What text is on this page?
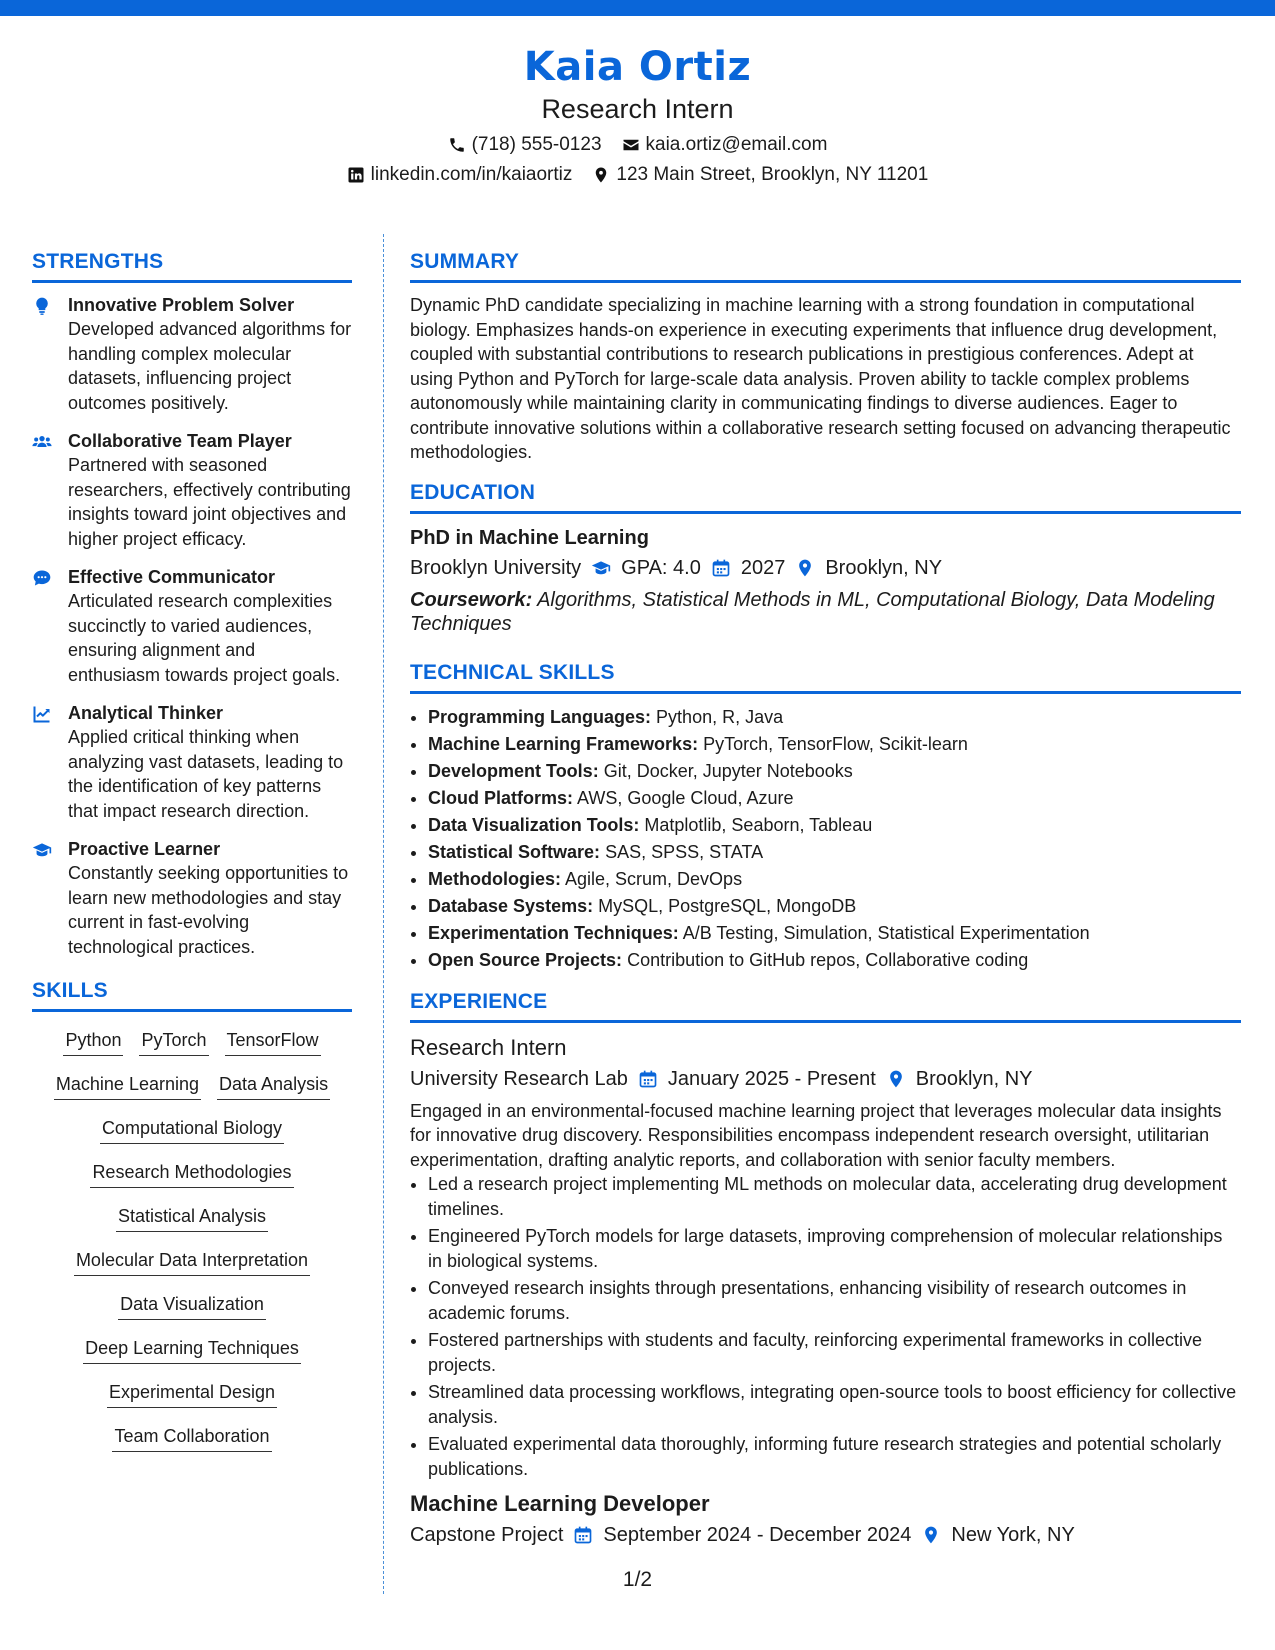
Kaia Ortiz
Research Intern
(718) 555-0123 kaia.ortiz@email.com
linkedin.com/in/kaiaortiz 123 Main Street, Brooklyn, NY 11201
STRENGTHS
Innovative Problem Solver
Developed advanced algorithms for handling complex molecular datasets, influencing project outcomes positively.
Collaborative Team Player
Partnered with seasoned researchers, effectively contributing insights toward joint objectives and higher project efficacy.
Effective Communicator
Articulated research complexities succinctly to varied audiences, ensuring alignment and enthusiasm towards project goals.
Analytical Thinker
Applied critical thinking when analyzing vast datasets, leading to the identification of key patterns that impact research direction.
Proactive Learner
Constantly seeking opportunities to learn new methodologies and stay current in fast-evolving technological practices.
SKILLS
Python PyTorch TensorFlow
Machine Learning Data Analysis
Computational Biology
Research Methodologies
Statistical Analysis
Molecular Data Interpretation
Data Visualization
Deep Learning Techniques
Experimental Design
Team Collaboration
SUMMARY
Dynamic PhD candidate specializing in machine learning with a strong foundation in computational biology. Emphasizes hands-on experience in executing experiments that influence drug development, coupled with substantial contributions to research publications in prestigious conferences. Adept at using Python and PyTorch for large-scale data analysis. Proven ability to tackle complex problems autonomously while maintaining clarity in communicating findings to diverse audiences. Eager to contribute innovative solutions within a collaborative research setting focused on advancing therapeutic methodologies.
EDUCATION
PhD in Machine Learning
Brooklyn University GPA: 4.0 2027 Brooklyn, NY
Coursework: Algorithms, Statistical Methods in ML, Computational Biology, Data Modeling Techniques
TECHNICAL SKILLS
• Programming Languages: Python, R, Java
• Machine Learning Frameworks: PyTorch, TensorFlow, Scikit-learn
• Development Tools: Git, Docker, Jupyter Notebooks
• Cloud Platforms: AWS, Google Cloud, Azure
• Data Visualization Tools: Matplotlib, Seaborn, Tableau
• Statistical Software: SAS, SPSS, STATA
• Methodologies: Agile, Scrum, DevOps
• Database Systems: MySQL, PostgreSQL, MongoDB
• Experimentation Techniques: A/B Testing, Simulation, Statistical Experimentation
• Open Source Projects: Contribution to GitHub repos, Collaborative coding
EXPERIENCE
Research Intern
University Research Lab January 2025 - Present Brooklyn, NY
Engaged in an environmental-focused machine learning project that leverages molecular data insights for innovative drug discovery. Responsibilities encompass independent research oversight, utilitarian experimentation, drafting analytic reports, and collaboration with senior faculty members.
• Led a research project implementing ML methods on molecular data, accelerating drug development timelines.
• Engineered PyTorch models for large datasets, improving comprehension of molecular relationships in biological systems.
• Conveyed research insights through presentations, enhancing visibility of research outcomes in academic forums.
• Fostered partnerships with students and faculty, reinforcing experimental frameworks in collective projects.
• Streamlined data processing workflows, integrating open-source tools to boost efficiency for collective analysis.
• Evaluated experimental data thoroughly, informing future research strategies and potential scholarly publications.
Machine Learning Developer
Capstone Project September 2024 - December 2024 New York, NY
1/2
